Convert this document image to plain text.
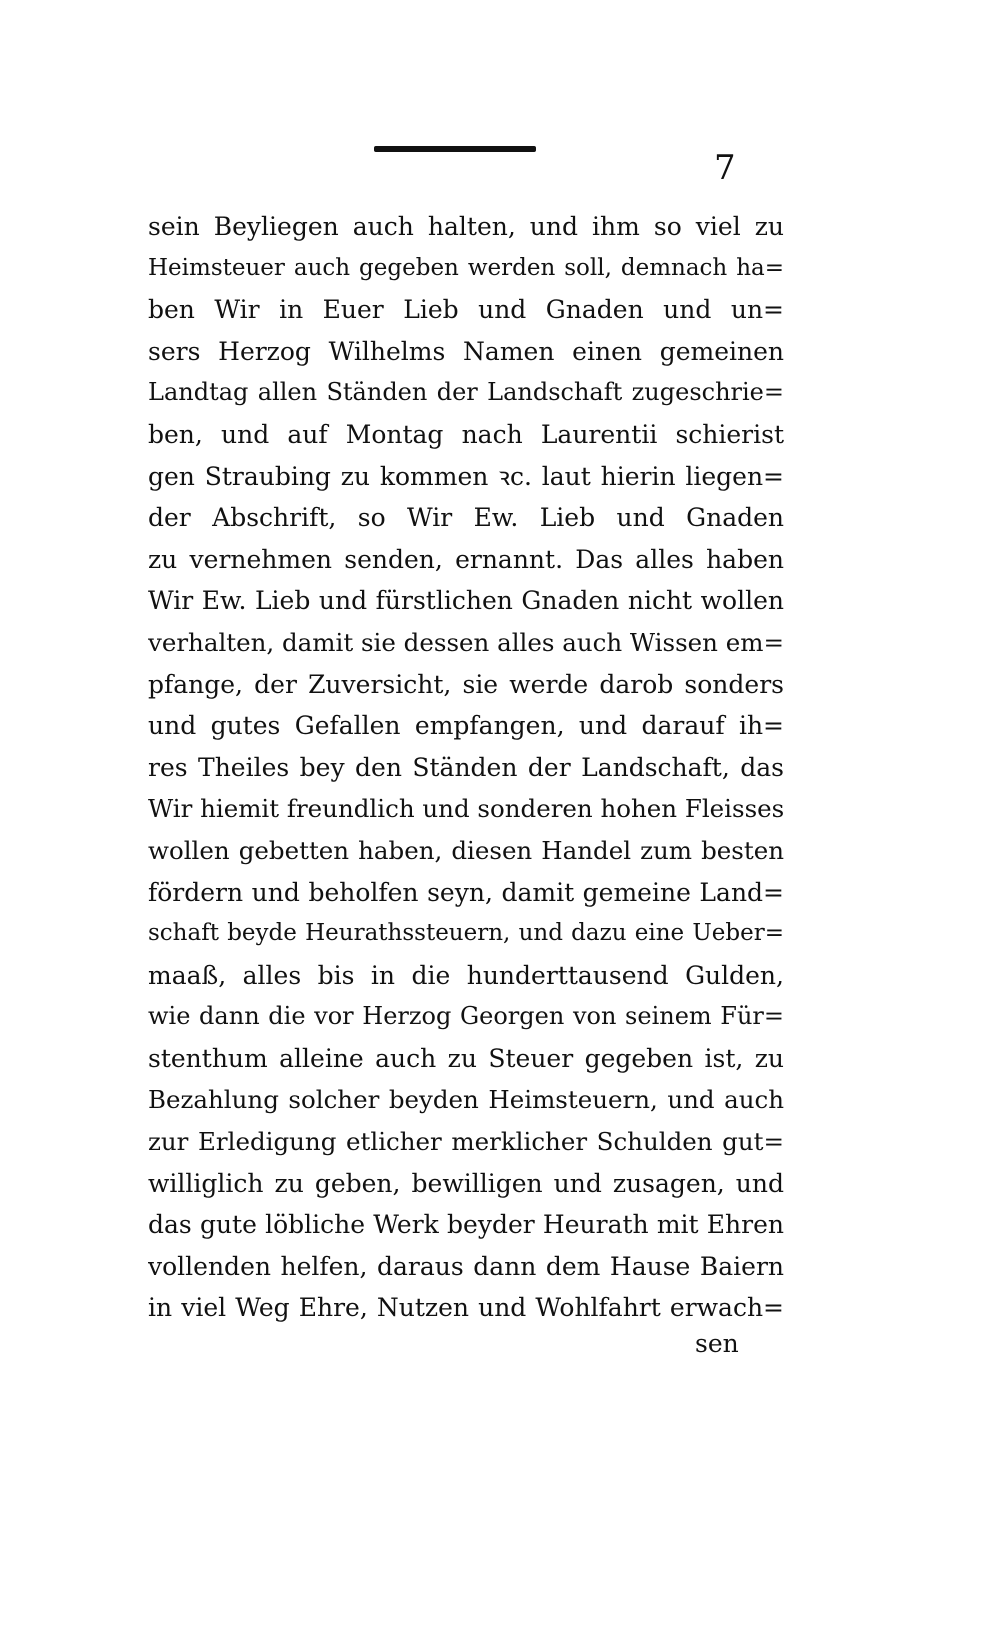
7
sein Beyliegen auch halten, und ihm so viel zu
Heimsteuer auch gegeben werden soll, demnach ha=
ben Wir in Euer Lieb und Gnaden und un=
sers Herzog Wilhelms Namen einen gemeinen
Landtag allen Ständen der Landschaft zugeschrie=
ben, und auf Montag nach Laurentii schierist
gen Straubing zu kommen ꝛc. laut hierin liegen=
der Abschrift, so Wir Ew. Lieb und Gnaden
zu vernehmen senden, ernannt. Das alles haben
Wir Ew. Lieb und fürstlichen Gnaden nicht wollen
verhalten, damit sie dessen alles auch Wissen em=
pfange, der Zuversicht, sie werde darob sonders
und gutes Gefallen empfangen, und darauf ih=
res Theiles bey den Ständen der Landschaft, das
Wir hiemit freundlich und sonderen hohen Fleisses
wollen gebetten haben, diesen Handel zum besten
fördern und beholfen seyn, damit gemeine Land=
schaft beyde Heurathssteuern, und dazu eine Ueber=
maaß, alles bis in die hunderttausend Gulden,
wie dann die vor Herzog Georgen von seinem Für=
stenthum alleine auch zu Steuer gegeben ist, zu
Bezahlung solcher beyden Heimsteuern, und auch
zur Erledigung etlicher merklicher Schulden gut=
williglich zu geben, bewilligen und zusagen, und
das gute löbliche Werk beyder Heurath mit Ehren
vollenden helfen, daraus dann dem Hause Baiern
in viel Weg Ehre, Nutzen und Wohlfahrt erwach=
sen
